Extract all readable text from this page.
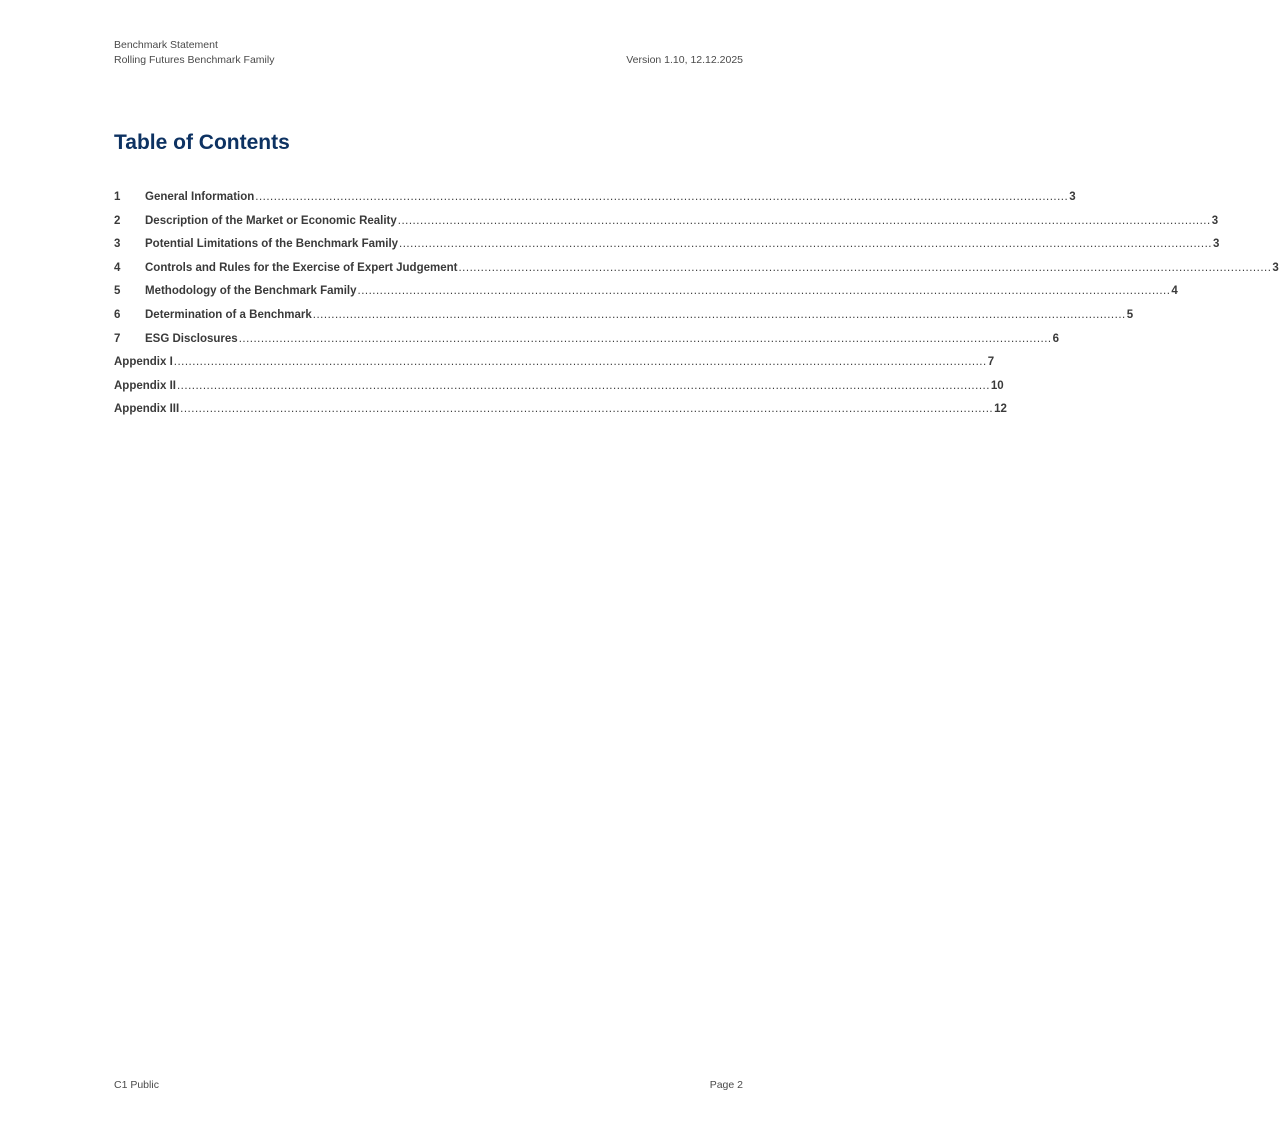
Benchmark Statement
Rolling Futures Benchmark Family	Version 1.10, 12.12.2025
Table of Contents
1	General Information ............................................................................................................................................................................................................................ 3
2	Description of the Market or Economic Reality ............................................................................................................................................................................................................................ 3
3	Potential Limitations of the Benchmark Family ............................................................................................................................................................................................................................ 3
4	Controls and Rules for the Exercise of Expert Judgement ............................................................................................................................................................................................................................ 3
5	Methodology of the Benchmark Family ............................................................................................................................................................................................................................ 4
6	Determination of a Benchmark ............................................................................................................................................................................................................................ 5
7	ESG Disclosures ............................................................................................................................................................................................................................ 6
Appendix I ............................................................................................................................................................................................................................ 7
Appendix II ............................................................................................................................................................................................................................ 10
Appendix III ............................................................................................................................................................................................................................ 12
C1 Public	Page 2
